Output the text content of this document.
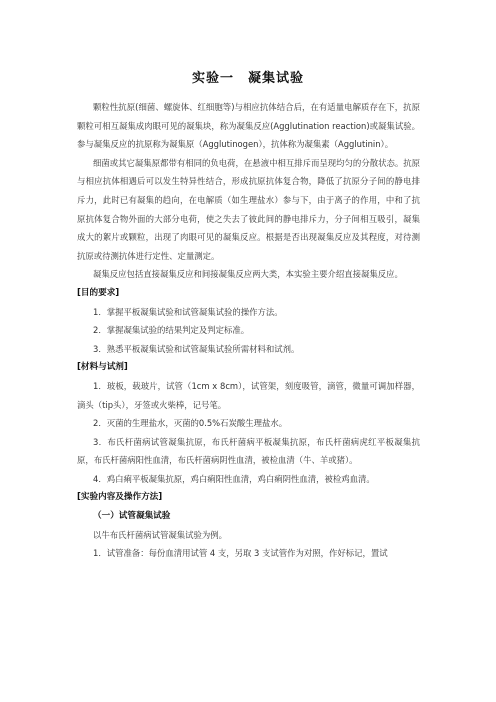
实验一　凝集试验

颗粒性抗原(细菌、螺旋体、红细胞等)与相应抗体结合后，在有适量电解质存在下，抗原颗粒可相互凝集成肉眼可见的凝集块，称为凝集反应(Agglutination reaction)或凝集试验。参与凝集反应的抗原称为凝集原（Agglutinogen），抗体称为凝集素（Agglutinin）。

细菌或其它凝集原都带有相同的负电荷，在悬液中相互排斥而呈现均匀的分散状态。抗原与相应抗体相遇后可以发生特异性结合，形成抗原抗体复合物，降低了抗原分子间的静电排斥力，此时已有凝集的趋向，在电解质（如生理盐水）参与下，由于离子的作用，中和了抗原抗体复合物外面的大部分电荷，使之失去了彼此间的静电排斥力，分子间相互吸引，凝集成大的絮片或颗粒，出现了肉眼可见的凝集反应。根据是否出现凝集反应及其程度，对待测抗原或待测抗体进行定性、定量测定。

凝集反应包括直接凝集反应和间接凝集反应两大类，本实验主要介绍直接凝集反应。

[目的要求]

1．掌握平板凝集试验和试管凝集试验的操作方法。

2．掌握凝集试验的结果判定及判定标准。

3．熟悉平板凝集试验和试管凝集试验所需材料和试剂。

[材料与试剂]

1．玻板，载玻片，试管（1cm x 8cm），试管架，刻度吸管，滴管，微量可调加样器，滴头（tip头），牙签或火柴棒，记号笔。

2．灭菌的生理盐水，灭菌的0.5%石炭酸生理盐水。

3．布氏杆菌病试管凝集抗原，布氏杆菌病平板凝集抗原，布氏杆菌病虎红平板凝集抗原，布氏杆菌病阳性血清，布氏杆菌病阴性血清，被检血清（牛、羊或猪）。

4．鸡白痢平板凝集抗原，鸡白痢阳性血清，鸡白痢阴性血清，被检鸡血清。

[实验内容及操作方法]

（一）试管凝集试验

以牛布氏杆菌病试管凝集试验为例。

1．试管准备：每份血清用试管 4 支，另取 3 支试管作为对照，作好标记，置试
